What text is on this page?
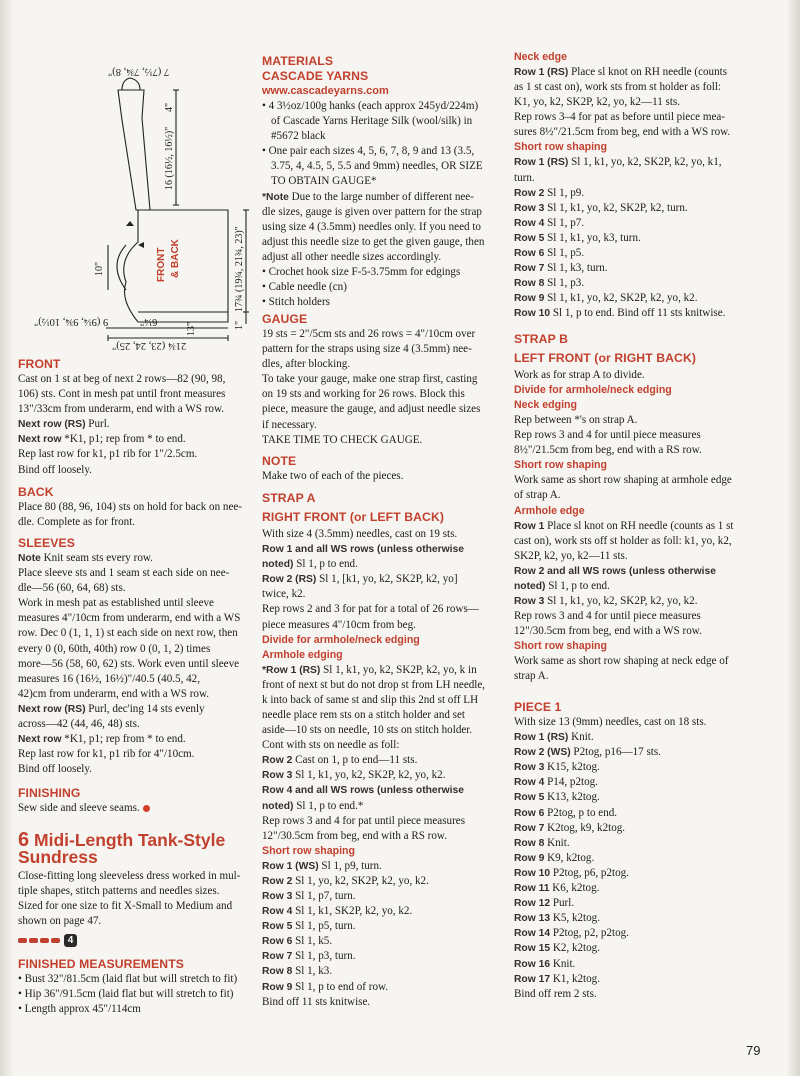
7 (7½, 7¾, 8)"
16 (16½, 16½)"
4"
FRONT & BACK
10"	17¾ (19¾, 21¾, 23)"
1"
9 (9¼, 9¾, 10½)"	6¼"
13"
21¾ (23, 24, 25)"
FRONT
Cast on 1 st at beg of next 2 rows—82 (90, 98,
106) sts. Cont in mesh pat until front measures
13"/33cm from underarm, end with a WS row.
Next row (RS) Purl.
Next row *K1, p1; rep from * to end.
Rep last row for k1, p1 rib for 1"/2.5cm.
Bind off loosely.
BACK
Place 80 (88, 96, 104) sts on hold for back on nee-
dle. Complete as for front.
SLEEVES
Note Knit seam sts every row.
Place sleeve sts and 1 seam st each side on nee-
dle—56 (60, 64, 68) sts.
Work in mesh pat as established until sleeve
measures 4"/10cm from underarm, end with a WS
row. Dec 0 (1, 1, 1) st each side on next row, then
every 0 (0, 60th, 40th) row 0 (0, 1, 2) times
more—56 (58, 60, 62) sts. Work even until sleeve
measures 16 (16½, 16½)"/40.5 (40.5, 42,
42)cm from underarm, end with a WS row.
Next row (RS) Purl, dec'ing 14 sts evenly
across—42 (44, 46, 48) sts.
Next row *K1, p1; rep from * to end.
Rep last row for k1, p1 rib for 4"/10cm.
Bind off loosely.
FINISHING
Sew side and sleeve seams.
6 Midi-Length Tank-Style
Sundress
Close-fitting long sleeveless dress worked in mul-
tiple shapes, stitch patterns and needles sizes.
Sized for one size to fit X-Small to Medium and
shown on page 47.
4
FINISHED MEASUREMENTS
• Bust 32"/81.5cm (laid flat but will stretch to fit)
• Hip 36"/91.5cm (laid flat but will stretch to fit)
• Length approx 45"/114cm
MATERIALS
CASCADE YARNS
www.cascadeyarns.com
• 4 3½oz/100g hanks (each approx 245yd/224m)
of Cascade Yarns Heritage Silk (wool/silk) in
#5672 black
• One pair each sizes 4, 5, 6, 7, 8, 9 and 13 (3.5,
3.75, 4, 4.5, 5, 5.5 and 9mm) needles, OR SIZE
TO OBTAIN GAUGE*
*Note Due to the large number of different nee-
dle sizes, gauge is given over pattern for the strap
using size 4 (3.5mm) needles only. If you need to
adjust this needle size to get the given gauge, then
adjust all other needle sizes accordingly.
• Crochet hook size F-5-3.75mm for edgings
• Cable needle (cn)
• Stitch holders
GAUGE
19 sts = 2"/5cm sts and 26 rows = 4"/10cm over
pattern for the straps using size 4 (3.5mm) nee-
dles, after blocking.
To take your gauge, make one strap first, casting
on 19 sts and working for 26 rows. Block this
piece, measure the gauge, and adjust needle sizes
if necessary.
TAKE TIME TO CHECK GAUGE.
NOTE
Make two of each of the pieces.
STRAP A
RIGHT FRONT (or LEFT BACK)
With size 4 (3.5mm) needles, cast on 19 sts.
Row 1 and all WS rows (unless otherwise
noted) Sl 1, p to end.
Row 2 (RS) Sl 1, [k1, yo, k2, SK2P, k2, yo]
twice, k2.
Rep rows 2 and 3 for pat for a total of 26 rows—
piece measures 4"/10cm from beg.
Divide for armhole/neck edging
Armhole edging
*Row 1 (RS) Sl 1, k1, yo, k2, SK2P, k2, yo, k in
front of next st but do not drop st from LH needle,
k into back of same st and slip this 2nd st off LH
needle place rem sts on a stitch holder and set
aside—10 sts on needle, 10 sts on stitch holder.
Cont with sts on needle as foll:
Row 2 Cast on 1, p to end—11 sts.
Row 3 Sl 1, k1, yo, k2, SK2P, k2, yo, k2.
Row 4 and all WS rows (unless otherwise
noted) Sl 1, p to end.*
Rep rows 3 and 4 for pat until piece measures
12"/30.5cm from beg, end with a RS row.
Short row shaping
Row 1 (WS) Sl 1, p9, turn.
Row 2 Sl 1, yo, k2, SK2P, k2, yo, k2.
Row 3 Sl 1, p7, turn.
Row 4 Sl 1, k1, SK2P, k2, yo, k2.
Row 5 Sl 1, p5, turn.
Row 6 Sl 1, k5.
Row 7 Sl 1, p3, turn.
Row 8 Sl 1, k3.
Row 9 Sl 1, p to end of row.
Bind off 11 sts knitwise.
Neck edge
Row 1 (RS) Place sl knot on RH needle (counts
as 1 st cast on), work sts from st holder as foll:
K1, yo, k2, SK2P, k2, yo, k2—11 sts.
Rep rows 3–4 for pat as before until piece mea-
sures 8½"/21.5cm from beg, end with a WS row.
Short row shaping
Row 1 (RS) Sl 1, k1, yo, k2, SK2P, k2, yo, k1,
turn.
Row 2 Sl 1, p9.
Row 3 Sl 1, k1, yo, k2, SK2P, k2, turn.
Row 4 Sl 1, p7.
Row 5 Sl 1, k1, yo, k3, turn.
Row 6 Sl 1, p5.
Row 7 Sl 1, k3, turn.
Row 8 Sl 1, p3.
Row 9 Sl 1, k1, yo, k2, SK2P, k2, yo, k2.
Row 10 Sl 1, p to end. Bind off 11 sts knitwise.
STRAP B
LEFT FRONT (or RIGHT BACK)
Work as for strap A to divide.
Divide for armhole/neck edging
Neck edging
Rep between *'s on strap A.
Rep rows 3 and 4 for until piece measures
8½"/21.5cm from beg, end with a RS row.
Short row shaping
Work same as short row shaping at armhole edge
of strap A.
Armhole edge
Row 1 Place sl knot on RH needle (counts as 1 st
cast on), work sts off st holder as foll: k1, yo, k2,
SK2P, k2, yo, k2—11 sts.
Row 2 and all WS rows (unless otherwise
noted) Sl 1, p to end.
Row 3 Sl 1, k1, yo, k2, SK2P, k2, yo, k2.
Rep rows 3 and 4 for until piece measures
12"/30.5cm from beg, end with a WS row.
Short row shaping
Work same as short row shaping at neck edge of
strap A.
PIECE 1
With size 13 (9mm) needles, cast on 18 sts.
Row 1 (RS) Knit.
Row 2 (WS) P2tog, p16—17 sts.
Row 3 K15, k2tog.
Row 4 P14, p2tog.
Row 5 K13, k2tog.
Row 6 P2tog, p to end.
Row 7 K2tog, k9, k2tog.
Row 8 Knit.
Row 9 K9, k2tog.
Row 10 P2tog, p6, p2tog.
Row 11 K6, k2tog.
Row 12 Purl.
Row 13 K5, k2tog.
Row 14 P2tog, p2, p2tog.
Row 15 K2, k2tog.
Row 16 Knit.
Row 17 K1, k2tog.
Bind off rem 2 sts.
79
